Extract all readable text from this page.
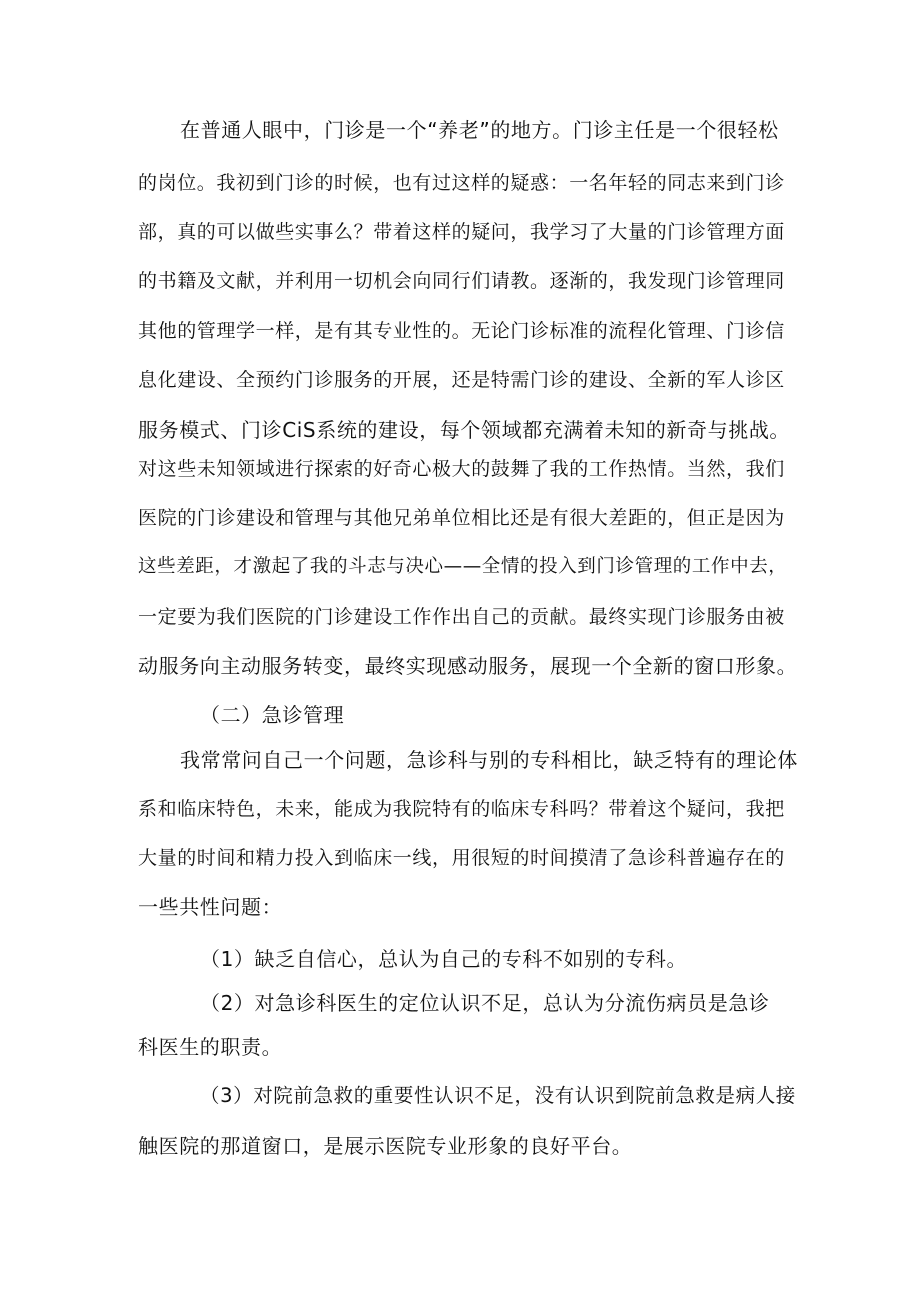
在普通人眼中，门诊是一个“养老”的地方。门诊主任是一个很轻松
的岗位。我初到门诊的时候，也有过这样的疑惑：一名年轻的同志来到门诊
部，真的可以做些实事么？带着这样的疑问，我学习了大量的门诊管理方面
的书籍及文献，并利用一切机会向同行们请教。逐渐的，我发现门诊管理同
其他的管理学一样，是有其专业性的。无论门诊标准的流程化管理、门诊信
息化建设、全预约门诊服务的开展，还是特需门诊的建设、全新的军人诊区
服务模式、门诊CiS系统的建设，每个领域都充满着未知的新奇与挑战。
对这些未知领域进行探索的好奇心极大的鼓舞了我的工作热情。当然，我们
医院的门诊建设和管理与其他兄弟单位相比还是有很大差距的，但正是因为
这些差距，才激起了我的斗志与决心——全情的投入到门诊管理的工作中去，
一定要为我们医院的门诊建设工作作出自己的贡献。最终实现门诊服务由被
动服务向主动服务转变，最终实现感动服务，展现一个全新的窗口形象。
（二）急诊管理
我常常问自己一个问题，急诊科与别的专科相比，缺乏特有的理论体
系和临床特色，未来，能成为我院特有的临床专科吗？带着这个疑问，我把
大量的时间和精力投入到临床一线，用很短的时间摸清了急诊科普遍存在的
一些共性问题：
（1）缺乏自信心，总认为自己的专科不如别的专科。
（2）对急诊科医生的定位认识不足，总认为分流伤病员是急诊
科医生的职责。
（3）对院前急救的重要性认识不足，没有认识到院前急救是病人接
触医院的那道窗口，是展示医院专业形象的良好平台。
